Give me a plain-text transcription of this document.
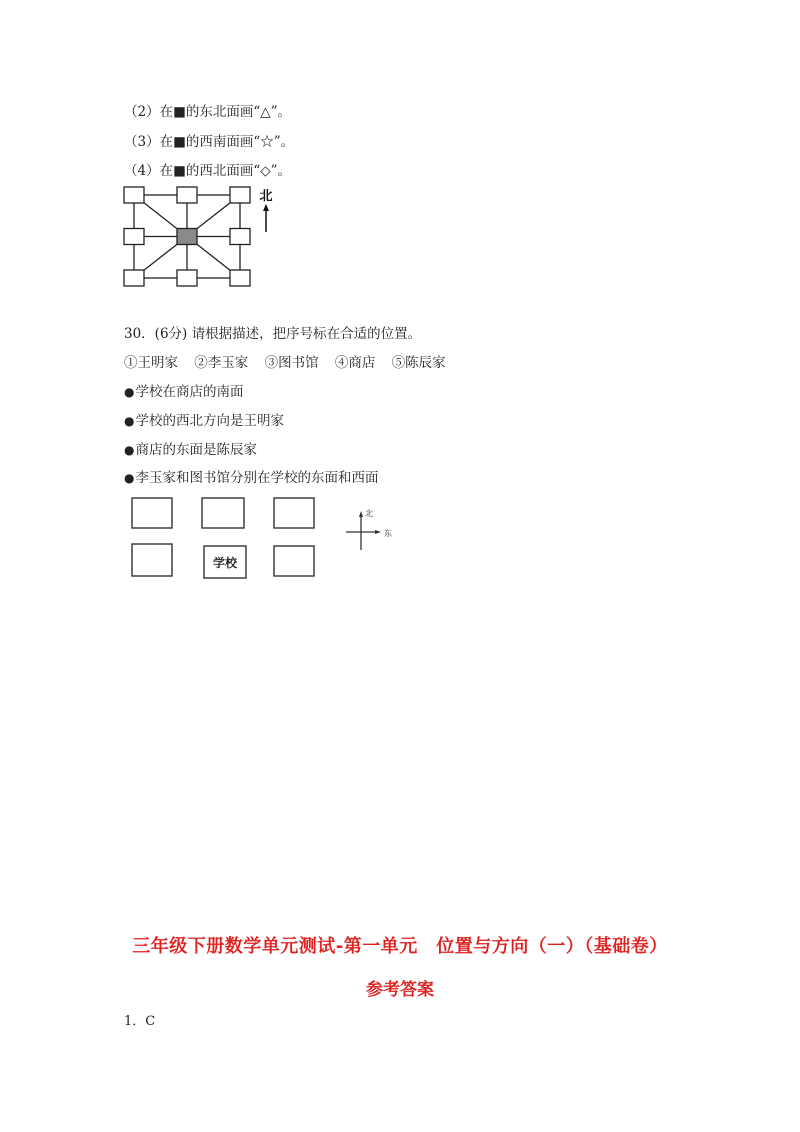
（2）在■的东北面画“△”。
（3）在■的西南面画“☆”。
（4）在■的西北面画“◇”。
北
30．(6分) 请根据描述，把序号标在合适的位置。
①王明家 ②李玉家 ③图书馆 ④商店 ⑤陈辰家
●学校在商店的南面
●学校的西北方向是王明家
●商店的东面是陈辰家
●李玉家和图书馆分别在学校的东面和西面
学校
北
东
三年级下册数学单元测试-第一单元　位置与方向（一）（基础卷）
参考答案
1．C
